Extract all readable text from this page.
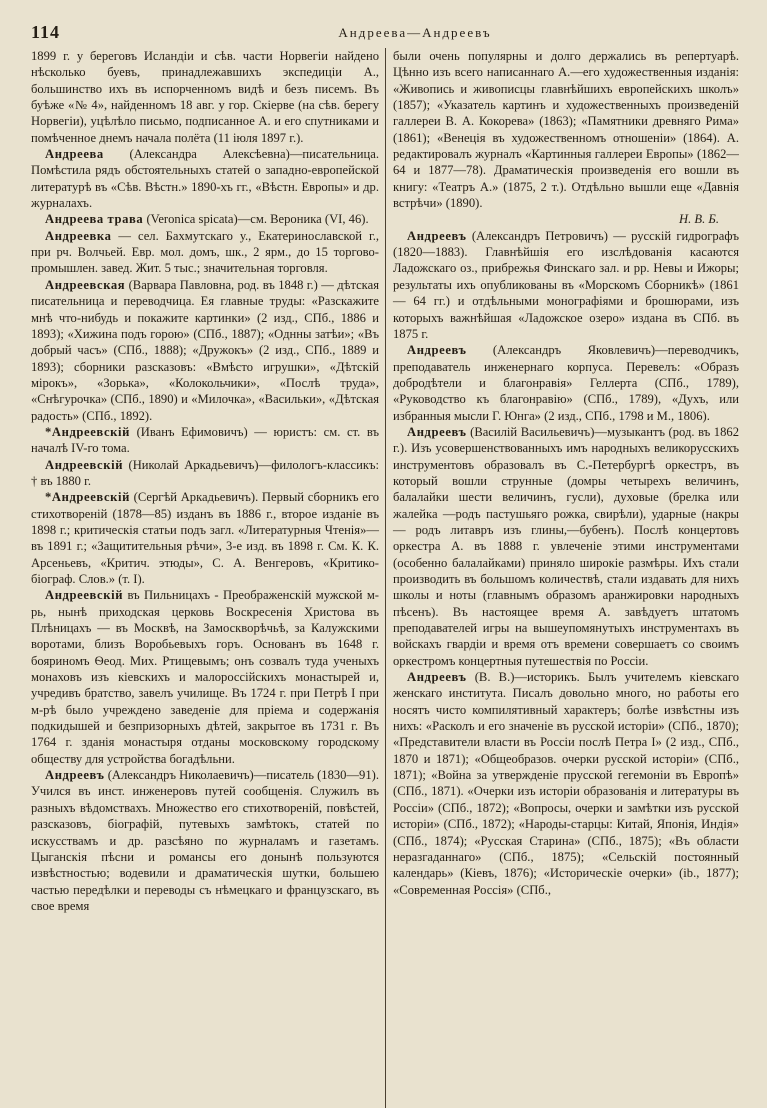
114	Андреева—Андреевъ

1899 г. у береговъ Исландіи и сѣв. части Норвегіи найдено нѣсколько буевъ, принадлежавшихъ экспедиціи А., большинство ихъ въ испорченномъ видѣ и безъ писемъ. Въ буѣже «№ 4», найденномъ 18 авг. у гор. Скіерве (на сѣв. берегу Норвегіи), уцѣлѣло письмо, подписанное А. и его спутниками и помѣченное днемъ начала полёта (11 іюля 1897 г.).

Андреева (Александра Алексѣевна)—писательница. Помѣстила рядъ обстоятельныхъ статей о западно-европейской литературѣ въ «Сѣв. Вѣстн.» 1890-хъ гг., «Вѣстн. Европы» и др. журналахъ.

Андреева трава (Veronica spicata)—см. Вероника (VI, 46).

Андреевка — сел. Бахмутскаго у., Екатеринославской г., при рч. Волчьей. Евр. мол. домъ, шк., 2 ярм., до 15 торгово-промышлен. завед. Жит. 5 тыс.; значительная торговля.

Андреевская (Варвара Павловна, род. въ 1848 г.) — дѣтская писательница и переводчица. Ея главные труды: «Разскажите мнѣ что-нибудь и покажите картинки» (2 изд., СПб., 1886 и 1893); «Хижина подъ горою» (СПб., 1887); «Однны затѣи»; «Въ добрый часъ» (СПб., 1888); «Дружокъ» (2 изд., СПб., 1889 и 1893); сборники разсказовъ: «Вмѣсто игрушки», «Дѣтскій мірокъ», «Зорька», «Колокольчики», «Послѣ труда», «Снѣгурочка» (СПб., 1890) и «Милочка», «Васильки», «Дѣтская радость» (СПб., 1892).

*Андреевскій (Иванъ Ефимовичъ) — юристъ: см. ст. въ началѣ IV-го тома.

Андреевскій (Николай Аркадьевичъ)—филологъ-классикъ: † въ 1880 г.

*Андреевскій (Сергѣй Аркадьевичъ). Первый сборникъ его стихотвореній (1878—85) изданъ въ 1886 г., второе изданіе въ 1898 г.; критическія статьи подъ загл. «Литературныя Чтенія»—въ 1891 г.; «Защитительныя рѣчи», 3-е изд. въ 1898 г. См. К. К. Арсеньевъ, «Критич. этюды», С. А. Венгеровъ, «Критико-біограф. Слов.» (т. I).

Андреевскій въ Пильницахъ - Преображенскій мужской м-рь, нынѣ приходская церковь Воскресенія Христова въ Плѣницахъ — въ Москвѣ, на Замоскворѣчьѣ, за Калужскими воротами, близъ Воробьевыхъ горъ. Основанъ въ 1648 г. бояриномъ Ѳеод. Мих. Ртищевымъ; онъ созвалъ туда ученыхъ монаховъ изъ кіевскихъ и малороссійскихъ монастырей и, учредивъ братство, завелъ училище. Въ 1724 г. при Петрѣ I при м-рѣ было учреждено заведеніе для пріема и содержанія подкидышей и безпризорныхъ дѣтей, закрытое въ 1731 г. Въ 1764 г. зданія монастыря отданы московскому городскому обществу для устройства богадѣльни.

Андреевъ (Александръ Николаевичъ)—писатель (1830—91). Учился въ инст. инженеровъ путей сообщенія. Служилъ въ разныхъ вѣдомствахъ. Множество его стихотвореній, повѣстей, разсказовъ, біографій, путевыхъ замѣтокъ, статей по искусствамъ и др. разсѣяно по журналамъ и газетамъ. Цыганскія пѣсни и романсы его донынѣ пользуются извѣстностью; водевили и драматическія шутки, большею частью передѣлки и переводы съ нѣмецкаго и французскаго, въ свое время

были очень популярны и долго держались въ репертуарѣ. Цѣнно изъ всего написаннаго А.—его художественныя изданія: «Живопись и живописцы главнѣйшихъ европейскихъ школъ» (1857); «Указатель картинъ и художественныхъ произведеній галлереи В. А. Кокорева» (1863); «Памятники древняго Рима» (1861); «Венеція въ художественномъ отношеніи» (1864). А. редактировалъ журналъ «Картинныя галлереи Европы» (1862—64 и 1877—78). Драматическія произведенія его вошли въ книгу: «Театръ А.» (1875, 2 т.). Отдѣльно вышли еще «Давнія встрѣчи» (1890).

Н. В. Б.

Андреевъ (Александръ Петровичъ) — русскій гидрографъ (1820—1883). Главнѣйшія его изслѣдованія касаются Ладожскаго оз., прибрежья Финскаго зал. и рр. Невы и Ижоры; результаты ихъ опубликованы въ «Морскомъ Сборникѣ» (1861 — 64 гг.) и отдѣльными монографіями и брошюрами, изъ которыхъ важнѣйшая «Ладожское озеро» издана въ СПб. въ 1875 г.

Андреевъ (Александръ Яковлевичъ)—переводчикъ, преподаватель инженернаго корпуса. Перевелъ: «Образъ добродѣтели и благонравія» Геллерта (СПб., 1789), «Руководство къ благонравію» (СПб., 1789), «Духъ, или избранныя мысли Г. Юнга» (2 изд., СПб., 1798 и М., 1806).

Андреевъ (Василій Васильевичъ)—музыкантъ (род. въ 1862 г.). Изъ усовершенствованныхъ имъ народныхъ великорусскихъ инструментовъ образовалъ въ С.-Петербургѣ оркестръ, въ который вошли струнные (домры четырехъ величинъ, балалайки шести величинъ, гусли), духовые (брелка или жалейка —родъ пастушьяго рожка, свирѣли), ударные (накры — родъ литавръ изъ глины,—бубенъ). Послѣ концертовъ оркестра А. въ 1888 г. увлеченіе этими инструментами (особенно балалайками) приняло широкіе размѣры. Ихъ стали производить въ большомъ количествѣ, стали издавать для нихъ школы и ноты (главнымъ образомъ аранжировки народныхъ пѣсенъ). Въ настоящее время А. завѣдуетъ штатомъ преподавателей игры на вышеупомянутыхъ инструментахъ въ войскахъ гвардіи и время отъ времени совершаетъ со своимъ оркестромъ концертныя путешествія по Россіи.

Андреевъ (В. В.)—историкъ. Былъ учителемъ кіевскаго женскаго института. Писалъ довольно много, но работы его носятъ чисто компилятивный характеръ; болѣе извѣстны изъ нихъ: «Расколъ и его значеніе въ русской исторіи» (СПб., 1870); «Представители власти въ Россіи послѣ Петра I» (2 изд., СПб., 1870 и 1871); «Общеобразов. очерки русской исторіи» (СПб., 1871); «Война за утвержденіе прусской гегемоніи въ Европѣ» (СПб., 1871). «Очерки изъ исторіи образованія и литературы въ Россіи» (СПб., 1872); «Вопросы, очерки и замѣтки изъ русской исторіи» (СПб., 1872); «Народы-старцы: Китай, Японія, Индія» (СПб., 1874); «Русская Старина» (СПб., 1875); «Въ области неразгаданнаго» (СПб., 1875); «Сельскій постоянный календарь» (Кіевъ, 1876); «Историческіе очерки» (ib., 1877); «Современная Россія» (СПб.,
